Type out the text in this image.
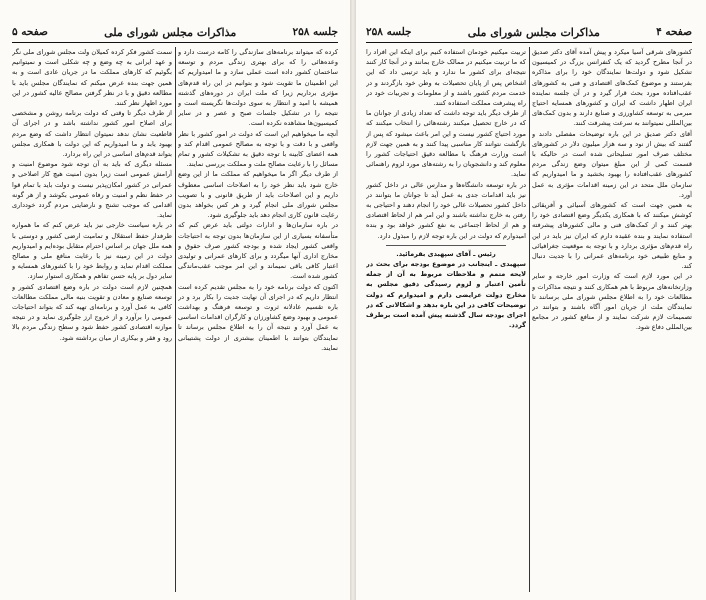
جلسه ۲۵۸
مذاکرات مجلس شورای ملی
صفحه ۵

کرده که میتواند برنامه‌های سازندگی را کامه درست دارد و وعده‌هائی را که برای بهتری زندگی مردم و توسعه ساختمان کشور داده است عملی سازد و ما امیدواریم که این اطمینان ما تقویت شود و بتوانیم در این راه قدم‌های مؤثری برداریم زیرا که ملت ایران در دوره‌های گذشته همیشه با امید و انتظار به سوی دولت‌ها نگریسته است و نتیجه را در تشکیل جلسات صبح و عصر و در سایر کمیسیون‌ها مشاهده نکرده است.

آنچه ما میخواهیم این است که دولت در امور کشور با نظر واقعی و با دقت و با توجه به مصالح عمومی اقدام کند و همه اعضای کابینه با توجه دقیق به تشکیلات کشور و تمام مسائل را با رعایت مصالح ملت و مملکت بررسی نمایند.

از طرف دیگر اگر ما میخواهیم که مملکت ما از این وضع خارج شود باید نظر خود را به اصلاحات اساسی معطوف داریم و این اصلاحات باید از طریق قانونی و با تصویب مجلس شورای ملی انجام گیرد و هر کس بخواهد بدون رعایت قانون کاری انجام دهد باید جلوگیری شود.

در باره سازمان‌ها و ادارات دولتی باید عرض کنم که متأسفانه بسیاری از این سازمان‌ها بدون توجه به احتیاجات واقعی کشور ایجاد شده و بودجه کشور صرف حقوق و مخارج اداری آنها میگردد و برای کارهای عمرانی و تولیدی اعتبار کافی باقی نمیماند و این امر موجب عقب‌ماندگی کشور شده است.

اکنون که دولت برنامه خود را به مجلس تقدیم کرده است انتظار داریم که در اجرای آن نهایت جدیت را بکار برد و در باره تقسیم عادلانه ثروت و توسعه فرهنگ و بهداشت عمومی و بهبود وضع کشاورزان و کارگران اقدامات اساسی به عمل آورد و نتیجه آن را به اطلاع مجلس برساند تا نمایندگان بتوانند با اطمینان بیشتری از دولت پشتیبانی نمایند.

سمت کشور فکر کرده کمیلان ولت مجلس شورای ملی نگر و عهد ایرانی به چه وضع و چه شکلی است و نمیتوانیم بگوئیم که کارهای مملکت ما در جریان عادی است و به همین جهت بنده عرض میکنم که نمایندگان مجلس باید با مطالعه دقیق و با در نظر گرفتن مصالح عالیه کشور در این مورد اظهار نظر کنند.

از طرف دیگر تا وقتی که دولت برنامه روشن و مشخصی برای اصلاح امور کشور نداشته باشد و در اجرای آن قاطعیت نشان ندهد نمیتوان انتظار داشت که وضع مردم بهبود یابد و ما امیدواریم که این دولت با همکاری مجلس بتواند قدم‌های اساسی در این راه بردارد.

مسئله دیگری که باید به آن توجه شود موضوع امنیت و آرامش عمومی است زیرا بدون امنیت هیچ کار اصلاحی و عمرانی در کشور امکان‌پذیر نیست و دولت باید با تمام قوا در حفظ نظم و امنیت و رفاه عمومی بکوشد و از هر گونه اقدامی که موجب تشنج و نارضایتی مردم گردد خودداری نماید.

در باره سیاست خارجی نیز باید عرض کنم که ما همواره طرفدار حفظ استقلال و تمامیت ارضی کشور و دوستی با همه ملل جهان بر اساس احترام متقابل بوده‌ایم و امیدواریم دولت در این زمینه نیز با رعایت منافع ملی و مصالح مملکت اقدام نماید و روابط خود را با کشورهای همسایه و سایر دول بر پایه حسن تفاهم و همکاری استوار سازد.

همچنین لازم است دولت در باره وضع اقتصادی کشور و توسعه صنایع و معادن و تقویت بنیه مالی مملکت مطالعات کافی به عمل آورد و برنامه‌ای تهیه کند که بتواند احتیاجات عمومی را برآورد و از خروج ارز جلوگیری نماید و در نتیجه موازنه اقتصادی کشور حفظ شود و سطح زندگی مردم بالا رود و فقر و بیکاری از میان برداشته شود.

صفحه ۴
مذاکرات مجلس شورای ملی
جلسه ۲۵۸

کشورهای شرقی آسیا میکرد و پیش آمده آقای دکتر صدیق در آنجا مطرح گردید که یک کنفرانس بزرگ در کمیسیون تشکیل شود و دولت‌ها نمایندگان خود را برای مذاکره بفرستند و موضوع کمک‌های اقتصادی و فنی به کشورهای عقب‌افتاده مورد بحث قرار گیرد و در آن جلسه نماینده ایران اظهار داشت که ایران و کشورهای همسایه احتیاج مبرمی به توسعه کشاورزی و صنایع دارند و بدون کمک‌های بین‌المللی نمیتوانند به سرعت پیشرفت کنند.

آقای دکتر صدیق در این باره توضیحات مفصلی دادند و گفتند که بیش از نود و سه هزار میلیون دلار در کشورهای مختلف صرف امور تسلیحاتی شده است در حالیکه با قسمت کمی از این مبلغ میتوان وضع زندگی مردم کشورهای عقب‌افتاده را بهبود بخشید و ما امیدواریم که سازمان ملل متحد در این زمینه اقدامات مؤثری به عمل آورد.

به همین جهت است که کشورهای آسیائی و آفریقائی کوشش میکنند که با همکاری یکدیگر وضع اقتصادی خود را بهتر کنند و از کمک‌های فنی و مالی کشورهای پیشرفته استفاده نمایند و بنده عقیده دارم که ایران نیز باید در این راه قدم‌های مؤثری بردارد و با توجه به موقعیت جغرافیائی و منابع طبیعی خود برنامه‌های عمرانی را با جدیت دنبال کند.

در این مورد لازم است که وزارت امور خارجه و سایر وزارتخانه‌های مربوط با هم همکاری کنند و نتیجه مذاکرات و مطالعات خود را به اطلاع مجلس شورای ملی برسانند تا نمایندگان ملت از جریان امور آگاه باشند و بتوانند در تصمیمات لازم شرکت نمایند و از منافع کشور در مجامع بین‌المللی دفاع شود.

تربیت میکنیم خودمان استفاده کنیم برای اینکه این افراد را که ما تربیت میکنیم در ممالک خارج بمانند و در آنجا کار کنند نتیجه‌ای برای کشور ما ندارد و باید ترتیبی داد که این اشخاص پس از پایان تحصیلات به وطن خود بازگردند و در خدمت مردم کشور باشند و از معلومات و تجربیات خود در راه پیشرفت مملکت استفاده کنند.

از طرف دیگر باید توجه داشت که تعداد زیادی از جوانان ما که در خارج تحصیل میکنند رشته‌هائی را انتخاب میکنند که مورد احتیاج کشور نیست و این امر باعث میشود که پس از بازگشت نتوانند کار مناسبی پیدا کنند و به همین جهت لازم است وزارت فرهنگ با مطالعه دقیق احتیاجات کشور را معلوم کند و دانشجویان را به رشته‌های مورد لزوم راهنمائی نماید.

در باره توسعه دانشگاه‌ها و مدارس عالی در داخل کشور نیز باید اقدامات جدی به عمل آید تا جوانان ما بتوانند در داخل کشور تحصیلات عالی خود را انجام دهند و احتیاجی به رفتن به خارج نداشته باشند و این امر هم از لحاظ اقتصادی و هم از لحاظ اجتماعی به نفع کشور خواهد بود و بنده امیدوارم که دولت در این باره توجه لازم را مبذول دارد.

رئیس ـ آقای سپهبدی بفرمائید.

سپهبدی ـ اینجانب در موضوع بودجه برای بحث در لایحه متمم و ملاحظات مربوط به آن از جمله تأمین اعتبار و لزوم رسیدگی دقیق مجلس به مخارج دولت عرایضی دارم و امیدوارم که دولت توضیحات کافی در این باره بدهد و اشکالاتی که در اجرای بودجه سال گذشته پیش آمده است برطرف گردد.
